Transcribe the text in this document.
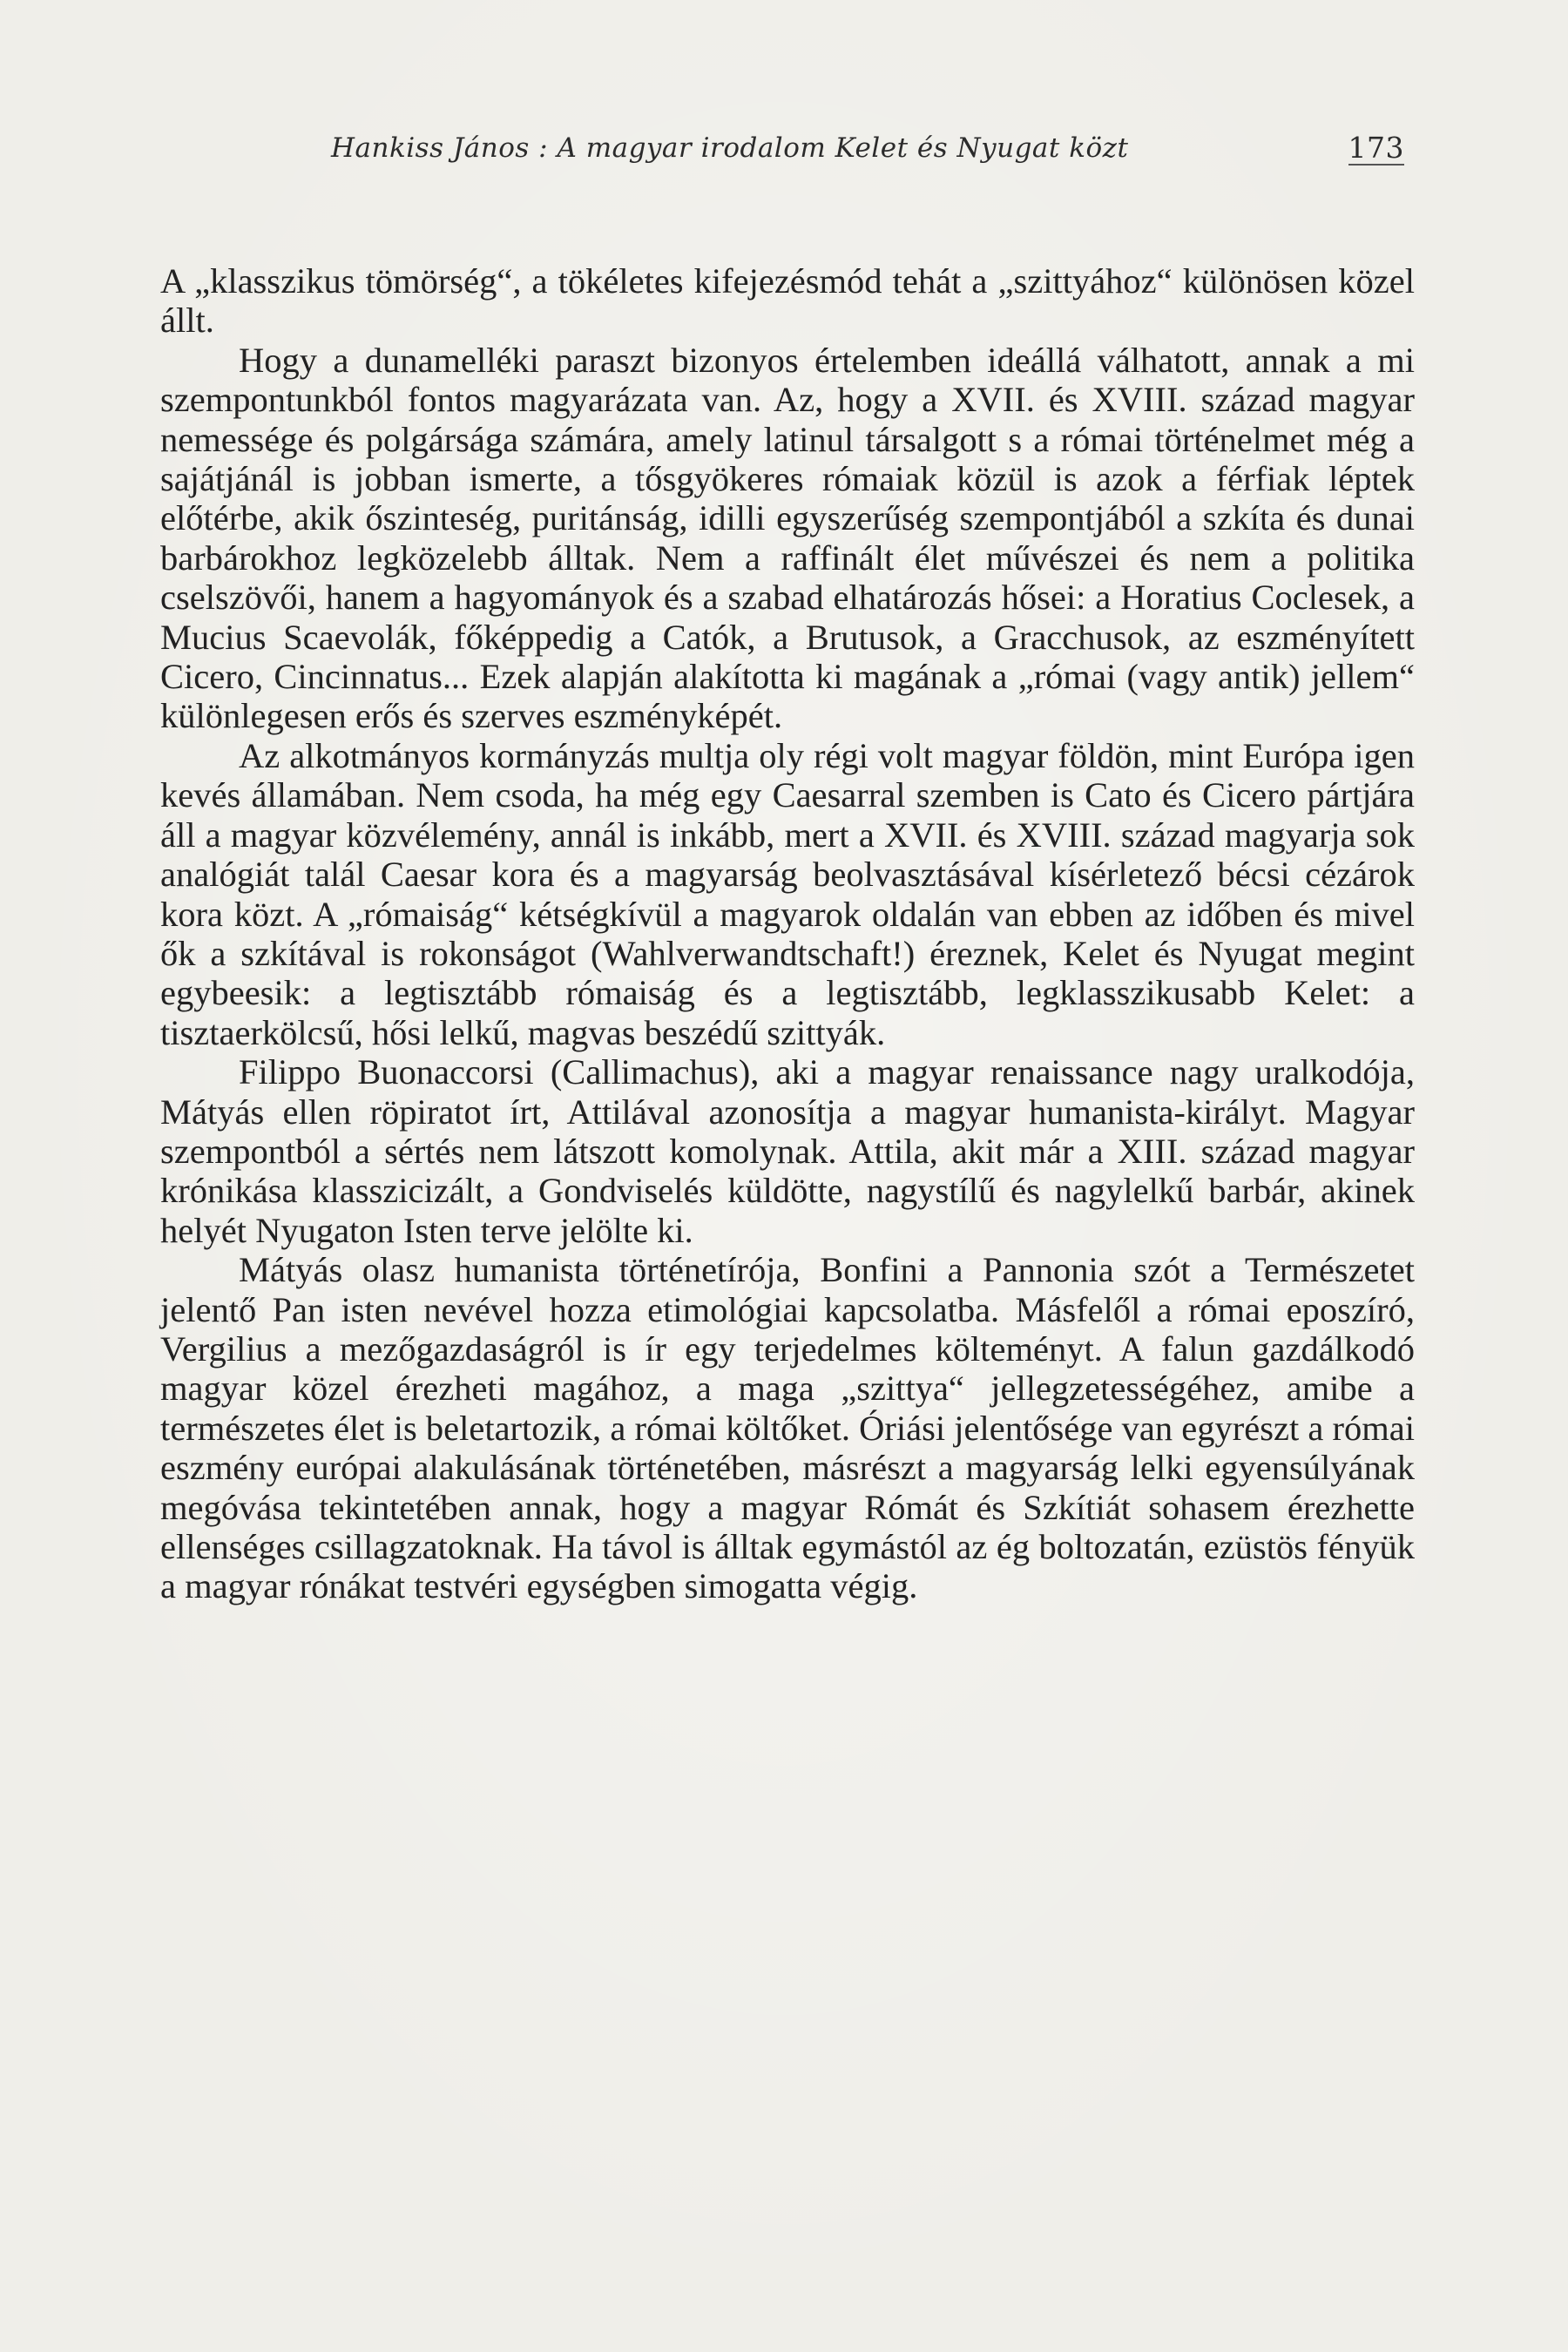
Hankiss János : A magyar irodalom Kelet és Nyugat közt	173

A „klasszikus tömörség“, a tökéletes kifejezésmód tehát a „szittyához“ különösen közel állt.

Hogy a dunamelléki paraszt bizonyos értelemben ideállá válhatott, annak a mi szempontunkból fontos magyarázata van. Az, hogy a XVII. és XVIII. század magyar nemessége és polgársága számára, amely latinul társalgott s a római történelmet még a sajátjánál is jobban ismerte, a tősgyökeres rómaiak közül is azok a férfiak léptek előtérbe, akik őszinteség, puritánság, idilli egyszerűség szempontjából a szkíta és dunai barbárokhoz legközelebb álltak. Nem a raffinált élet művészei és nem a politika cselszövői, hanem a hagyományok és a szabad elhatározás hősei: a Horatius Coclesek, a Mucius Scaevolák, főképpedig a Catók, a Brutusok, a Gracchusok, az eszményített Cicero, Cincinnatus... Ezek alapján alakította ki magának a „római (vagy antik) jellem“ különlegesen erős és szerves eszményképét.

Az alkotmányos kormányzás multja oly régi volt magyar földön, mint Európa igen kevés államában. Nem csoda, ha még egy Caesarral szemben is Cato és Cicero pártjára áll a magyar közvélemény, annál is inkább, mert a XVII. és XVIII. század magyarja sok analógiát talál Caesar kora és a magyarság beolvasztásával kísérletező bécsi cézárok kora közt. A „rómaiság“ kétségkívül a magyarok oldalán van ebben az időben és mivel ők a szkítával is rokonságot (Wahlverwandtschaft!) éreznek, Kelet és Nyugat megint egybeesik: a legtisztább rómaiság és a legtisztább, legklasszikusabb Kelet: a tisztaerkölcsű, hősi lelkű, magvas beszédű szittyák.

Filippo Buonaccorsi (Callimachus), aki a magyar renaissance nagy uralkodója, Mátyás ellen röpiratot írt, Attilával azonosítja a magyar humanista-királyt. Magyar szempontból a sértés nem látszott komolynak. Attila, akit már a XIII. század magyar krónikása klasszicizált, a Gondviselés küldötte, nagystílű és nagylelkű barbár, akinek helyét Nyugaton Isten terve jelölte ki.

Mátyás olasz humanista történetírója, Bonfini a Pannonia szót a Természetet jelentő Pan isten nevével hozza etimológiai kapcsolatba. Másfelől a római eposzíró, Vergilius a mezőgazdaságról is ír egy terjedelmes költeményt. A falun gazdálkodó magyar közel érezheti magához, a maga „szittya“ jellegzetességéhez, amibe a természetes élet is beletartozik, a római költőket. Óriási jelentősége van egyrészt a római eszmény európai alakulásának történetében, másrészt a magyarság lelki egyensúlyának megóvása tekintetében annak, hogy a magyar Rómát és Szkítiát sohasem érezhette ellenséges csillagzatoknak. Ha távol is álltak egymástól az ég boltozatán, ezüstös fényük a magyar rónákat testvéri egységben simogatta végig.
